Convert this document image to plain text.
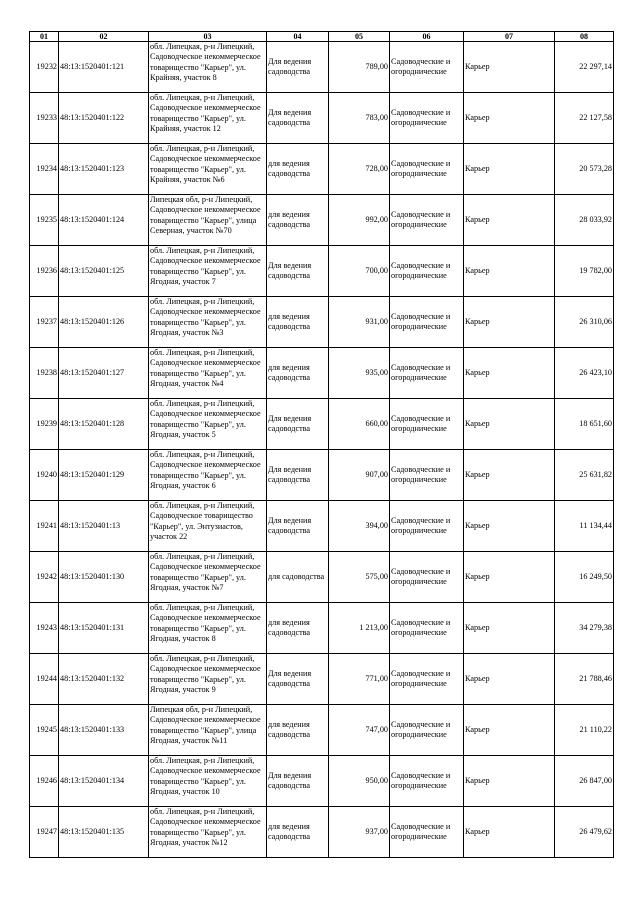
01	02	03	04	05	06	07	08
19232	48:13:1520401:121	обл. Липецкая, р-н Липецкий, Садоводческое некоммерческое товарищество "Карьер", ул. Крайняя, участок 8	Для ведения садоводства	789,00	Садоводческие и огороднические	Карьер	22 297,14
19233	48:13:1520401:122	обл. Липецкая, р-н Липецкий, Садоводческое некоммерческое товарищество "Карьер", ул. Крайняя, участок 12	Для ведения садоводства	783,00	Садоводческие и огороднические	Карьер	22 127,58
19234	48:13:1520401:123	обл. Липецкая, р-н Липецкий, Садоводческое некоммерческое товарищество "Карьер", ул. Крайняя, участок №6	для ведения садоводства	728,00	Садоводческие и огороднические	Карьер	20 573,28
19235	48:13:1520401:124	Липецкая обл, р-н Липецкий, Садоводческое некоммерческое товарищество "Карьер", улица Северная, участок №70	для ведения садоводства	992,00	Садоводческие и огороднические	Карьер	28 033,92
19236	48:13:1520401:125	обл. Липецкая, р-н Липецкий, Садоводческое некоммерческое товарищество "Карьер", ул. Ягодная, участок 7	Для ведения садоводства	700,00	Садоводческие и огороднические	Карьер	19 782,00
19237	48:13:1520401:126	обл. Липецкая, р-н Липецкий, Садоводческое некоммерческое товарищество "Карьер", ул. Ягодная, участок №3	для ведения садоводства	931,00	Садоводческие и огороднические	Карьер	26 310,06
19238	48:13:1520401:127	обл. Липецкая, р-н Липецкий, Садоводческое некоммерческое товарищество "Карьер", ул. Ягодная, участок №4	для ведения садоводства	935,00	Садоводческие и огороднические	Карьер	26 423,10
19239	48:13:1520401:128	обл. Липецкая, р-н Липецкий, Садоводческое некоммерческое товарищество "Карьер", ул. Ягодная, участок 5	Для ведения садоводства	660,00	Садоводческие и огороднические	Карьер	18 651,60
19240	48:13:1520401:129	обл. Липецкая, р-н Липецкий, Садоводческое некоммерческое товарищество "Карьер", ул. Ягодная, участок 6	Для ведения садоводства	907,00	Садоводческие и огороднические	Карьер	25 631,82
19241	48:13:1520401:13	обл. Липецкая, р-н Липецкий, Садоводческое товарищество "Карьер", ул. Энтузиастов, участок 22	Для ведения садоводства	394,00	Садоводческие и огороднические	Карьер	11 134,44
19242	48:13:1520401:130	обл. Липецкая, р-н Липецкий, Садоводческое некоммерческое товарищество "Карьер", ул. Ягодная, участок №7	для садоводства	575,00	Садоводческие и огороднические	Карьер	16 249,50
19243	48:13:1520401:131	обл. Липецкая, р-н Липецкий, Садоводческое некоммерческое товарищество "Карьер", ул. Ягодная, участок 8	для ведения садоводства	1 213,00	Садоводческие и огороднические	Карьер	34 279,38
19244	48:13:1520401:132	обл. Липецкая, р-н Липецкий, Садоводческое некоммерческое товарищество "Карьер", ул. Ягодная, участок 9	Для ведения садоводства	771,00	Садоводческие и огороднические	Карьер	21 788,46
19245	48:13:1520401:133	Липецкая обл, р-н Липецкий, Садоводческое некоммерческое товарищество "Карьер", улица Ягодная, участок №11	для ведения садоводства	747,00	Садоводческие и огороднические	Карьер	21 110,22
19246	48:13:1520401:134	обл. Липецкая, р-н Липецкий, Садоводческое некоммерческое товарищество "Карьер", ул. Ягодная, участок 10	Для ведения садоводства	950,00	Садоводческие и огороднические	Карьер	26 847,00
19247	48:13:1520401:135	обл. Липецкая, р-н Липецкий, Садоводческое некоммерческое товарищество "Карьер", ул. Ягодная, участок №12	для ведения садоводства	937,00	Садоводческие и огороднические	Карьер	26 479,62
